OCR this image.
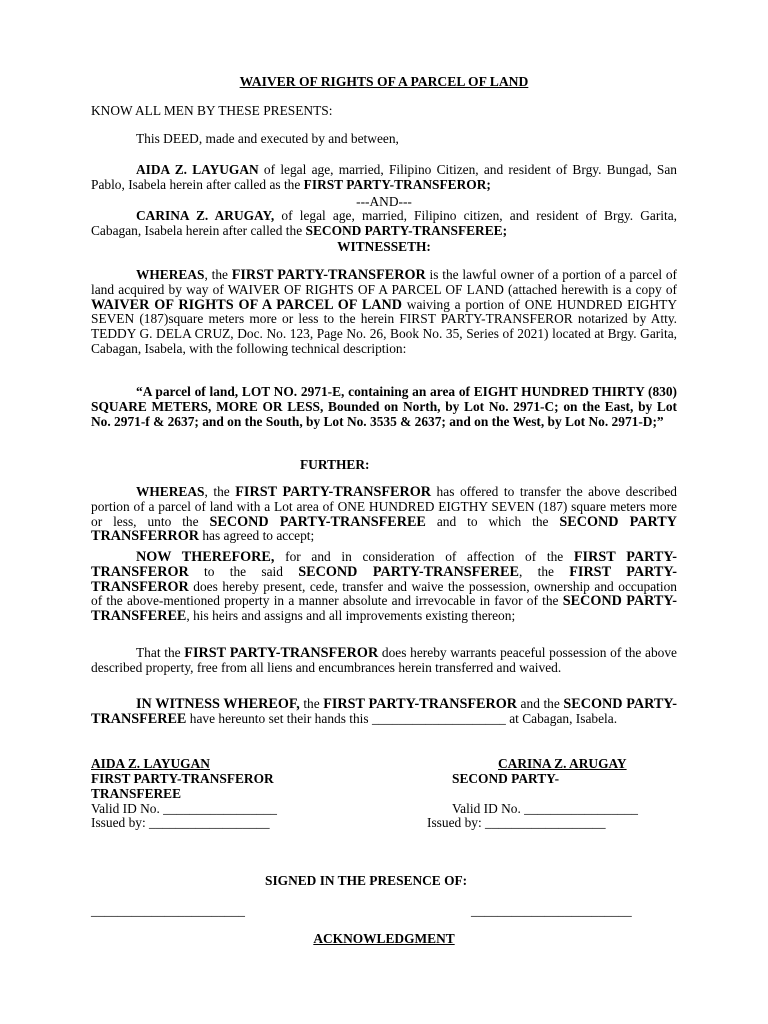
WAIVER OF RIGHTS OF A PARCEL OF LAND
KNOW ALL MEN BY THESE PRESENTS:
This DEED, made and executed by and between,
AIDA Z. LAYUGAN of legal age, married, Filipino Citizen, and resident of Brgy. Bungad, San Pablo, Isabela herein after called as the FIRST PARTY-TRANSFEROR;
---AND---
CARINA Z. ARUGAY, of legal age, married, Filipino citizen, and resident of Brgy. Garita, Cabagan, Isabela herein after called the SECOND PARTY-TRANSFEREE;
WITNESSETH:
WHEREAS, the FIRST PARTY-TRANSFEROR is the lawful owner of a portion of a parcel of land acquired by way of WAIVER OF RIGHTS OF A PARCEL OF LAND (attached herewith is a copy of WAIVER OF RIGHTS OF A PARCEL OF LAND waiving a portion of ONE HUNDRED EIGHTY SEVEN (187)square meters more or less to the herein FIRST PARTY-TRANSFEROR notarized by Atty. TEDDY G. DELA CRUZ, Doc. No. 123, Page No. 26, Book No. 35, Series of 2021) located at Brgy. Garita, Cabagan, Isabela, with the following technical description:
“A parcel of land, LOT NO. 2971-E, containing an area of EIGHT HUNDRED THIRTY (830) SQUARE METERS, MORE OR LESS, Bounded on North, by Lot No. 2971-C; on the East, by Lot No. 2971-f & 2637; and on the South, by Lot No. 3535 & 2637; and on the West, by Lot No. 2971-D;”
FURTHER:
WHEREAS, the FIRST PARTY-TRANSFEROR has offered to transfer the above described portion of a parcel of land with a Lot area of ONE HUNDRED EIGTHY SEVEN (187) square meters more or less, unto the SECOND PARTY-TRANSFEREE and to which the SECOND PARTY TRANSFERROR has agreed to accept;
NOW THEREFORE, for and in consideration of affection of the FIRST PARTY-TRANSFEROR to the said SECOND PARTY-TRANSFEREE, the FIRST PARTY-TRANSFEROR does hereby present, cede, transfer and waive the possession, ownership and occupation of the above-mentioned property in a manner absolute and irrevocable in favor of the SECOND PARTY-TRANSFEREE, his heirs and assigns and all improvements existing thereon;
That the FIRST PARTY-TRANSFEROR does hereby warrants peaceful possession of the above described property, free from all liens and encumbrances herein transferred and waived.
IN WITNESS WHEREOF, the FIRST PARTY-TRANSFEROR and the SECOND PARTY-TRANSFEREE have hereunto set their hands this ____________________ at Cabagan, Isabela.
AIDA Z. LAYUGAN	CARINA Z. ARUGAY
FIRST PARTY-TRANSFEROR	SECOND PARTY-
TRANSFEREE
Valid ID No. _________________	Valid ID No. _________________
Issued by: __________________	Issued by: __________________
SIGNED IN THE PRESENCE OF:
_______________________	________________________
ACKNOWLEDGMENT
